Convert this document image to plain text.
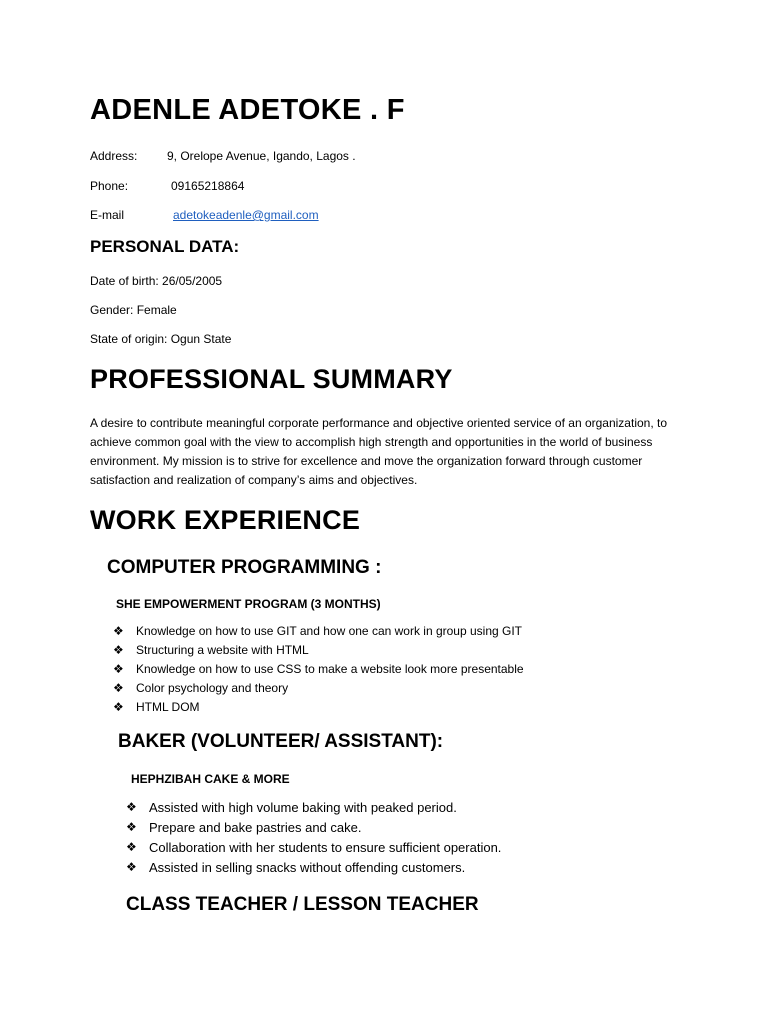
ADENLE ADETOKE . F
Address: 9, Orelope Avenue, Igando, Lagos .
Phone:	09165218864
E-mail	adetokeadenle@gmail.com
PERSONAL DATA:
Date of birth: 26/05/2005
Gender: Female
State of origin: Ogun State
PROFESSIONAL SUMMARY
A desire to contribute meaningful corporate performance and objective oriented service of an organization, to achieve common goal with the view to accomplish high strength and opportunities in the world of business environment. My mission is to strive for excellence and move the organization forward through customer satisfaction and realization of company’s aims and objectives.
WORK EXPERIENCE
COMPUTER PROGRAMMING :
SHE EMPOWERMENT PROGRAM (3 MONTHS)
❖ Knowledge on how to use GIT and how one can work in group using GIT
❖ Structuring a website with HTML
❖ Knowledge on how to use CSS to make a website look more presentable
❖ Color psychology and theory
❖ HTML DOM
BAKER (VOLUNTEER/ ASSISTANT):
HEPHZIBAH CAKE & MORE
❖ Assisted with high volume baking with peaked period.
❖ Prepare and bake pastries and cake.
❖ Collaboration with her students to ensure sufficient operation.
❖ Assisted in selling snacks without offending customers.
CLASS TEACHER / LESSON TEACHER
